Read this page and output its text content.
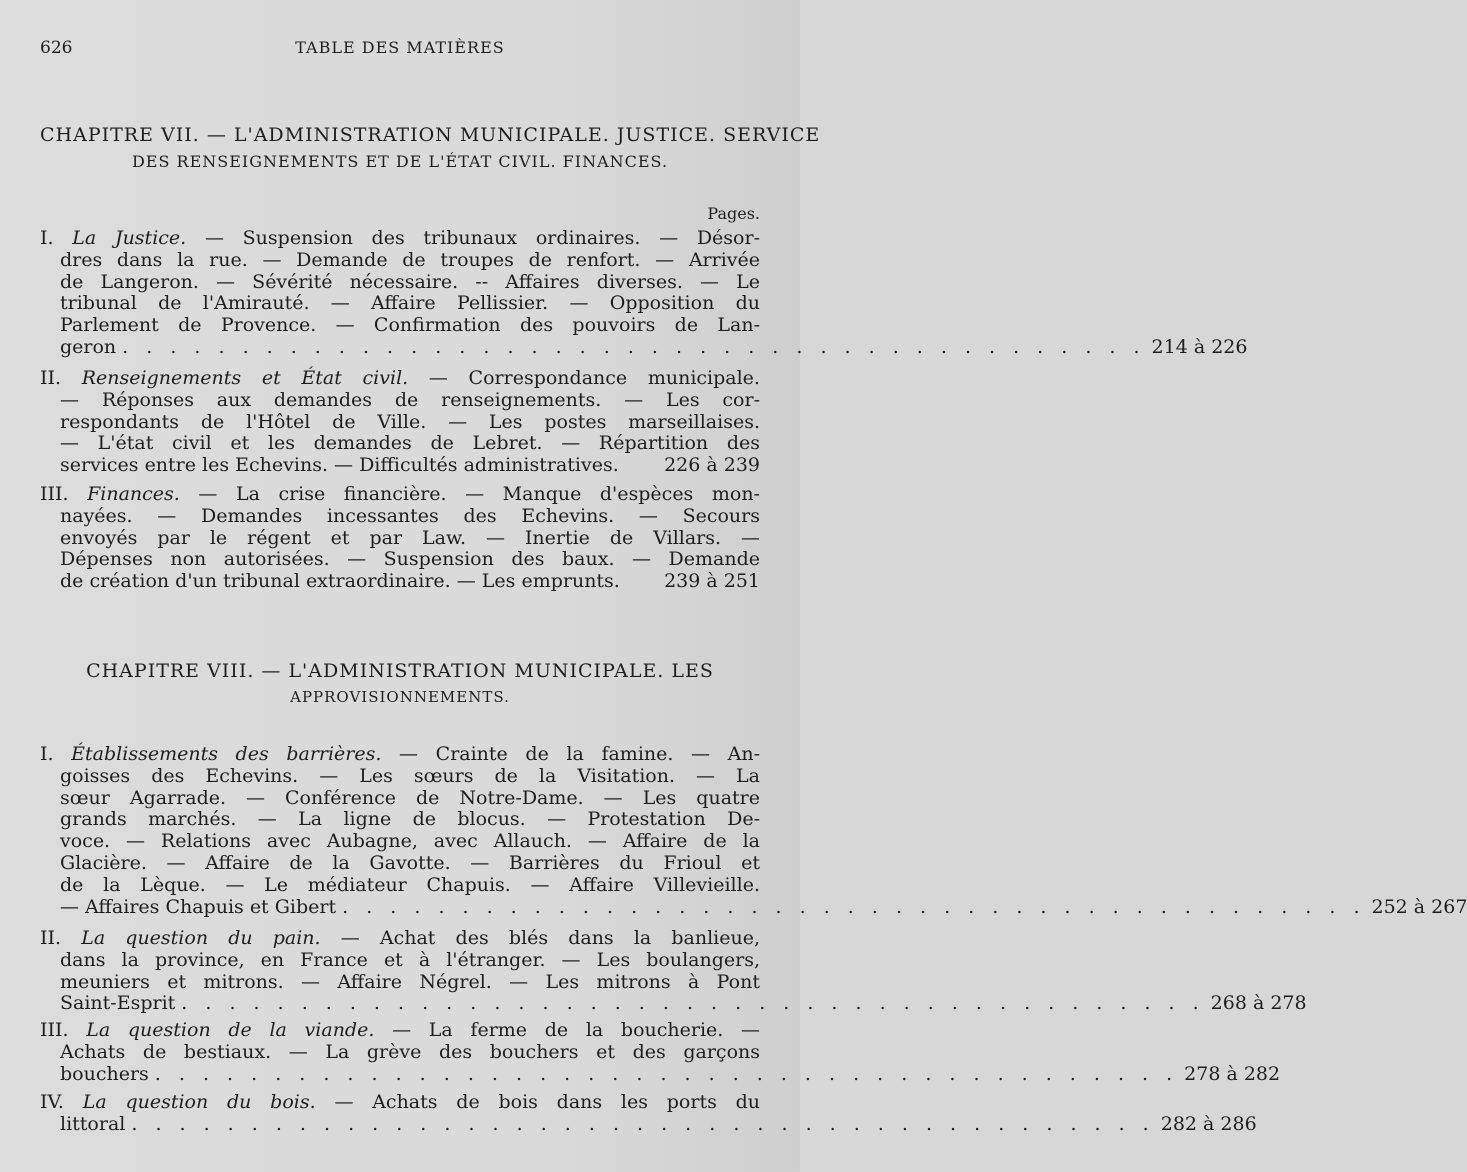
626	TABLE DES MATIÈRES
CHAPITRE VII. — L'ADMINISTRATION MUNICIPALE. JUSTICE. SERVICE
DES RENSEIGNEMENTS ET DE L'ÉTAT CIVIL. FINANCES.
Pages.
I. La Justice. — Suspension des tribunaux ordinaires. — Désor-
dres dans la rue. — Demande de troupes de renfort. — Arrivée
de Langeron. — Sévérité nécessaire. -- Affaires diverses. — Le
tribunal de l'Amirauté. — Affaire Pellissier. — Opposition du
Parlement de Provence. — Confirmation des pouvoirs de Lan-
geron . . . . . . . . . . . . . . . . . . . . . . . . . . . . . . . . . . . . . . . . . . . 214 à 226
II. Renseignements et État civil. — Correspondance municipale.
— Réponses aux demandes de renseignements. — Les cor-
respondants de l'Hôtel de Ville. — Les postes marseillaises.
— L'état civil et les demandes de Lebret. — Répartition des
services entre les Echevins. — Difficultés administratives. 226 à 239
III. Finances. — La crise financière. — Manque d'espèces mon-
nayées. — Demandes incessantes des Echevins. — Secours
envoyés par le régent et par Law. — Inertie de Villars. —
Dépenses non autorisées. — Suspension des baux. — Demande
de création d'un tribunal extraordinaire. — Les emprunts. 239 à 251
CHAPITRE VIII. — L'ADMINISTRATION MUNICIPALE. LES
APPROVISIONNEMENTS.
I. Établissements des barrières. — Crainte de la famine. — An-
goisses des Echevins. — Les sœurs de la Visitation. — La
sœur Agarrade. — Conférence de Notre-Dame. — Les quatre
grands marchés. — La ligne de blocus. — Protestation De-
voce. — Relations avec Aubagne, avec Allauch. — Affaire de la
Glacière. — Affaire de la Gavotte. — Barrières du Frioul et
de la Lèque. — Le médiateur Chapuis. — Affaire Villevieille.
— Affaires Chapuis et Gibert . . . . . . . . . . . . . . . . . . . . . . . . . . . . . . . . . . . . . . . . . . . 252 à 267
II. La question du pain. — Achat des blés dans la banlieue,
dans la province, en France et à l'étranger. — Les boulangers,
meuniers et mitrons. — Affaire Négrel. — Les mitrons à Pont
Saint-Esprit . . . . . . . . . . . . . . . . . . . . . . . . . . . . . . . . . . . . . . . . . . . 268 à 278
III. La question de la viande. — La ferme de la boucherie. —
Achats de bestiaux. — La grève des bouchers et des garçons
bouchers . . . . . . . . . . . . . . . . . . . . . . . . . . . . . . . . . . . . . . . . . . . 278 à 282
IV. La question du bois. — Achats de bois dans les ports du
littoral . . . . . . . . . . . . . . . . . . . . . . . . . . . . . . . . . . . . . . . . . . . 282 à 286
